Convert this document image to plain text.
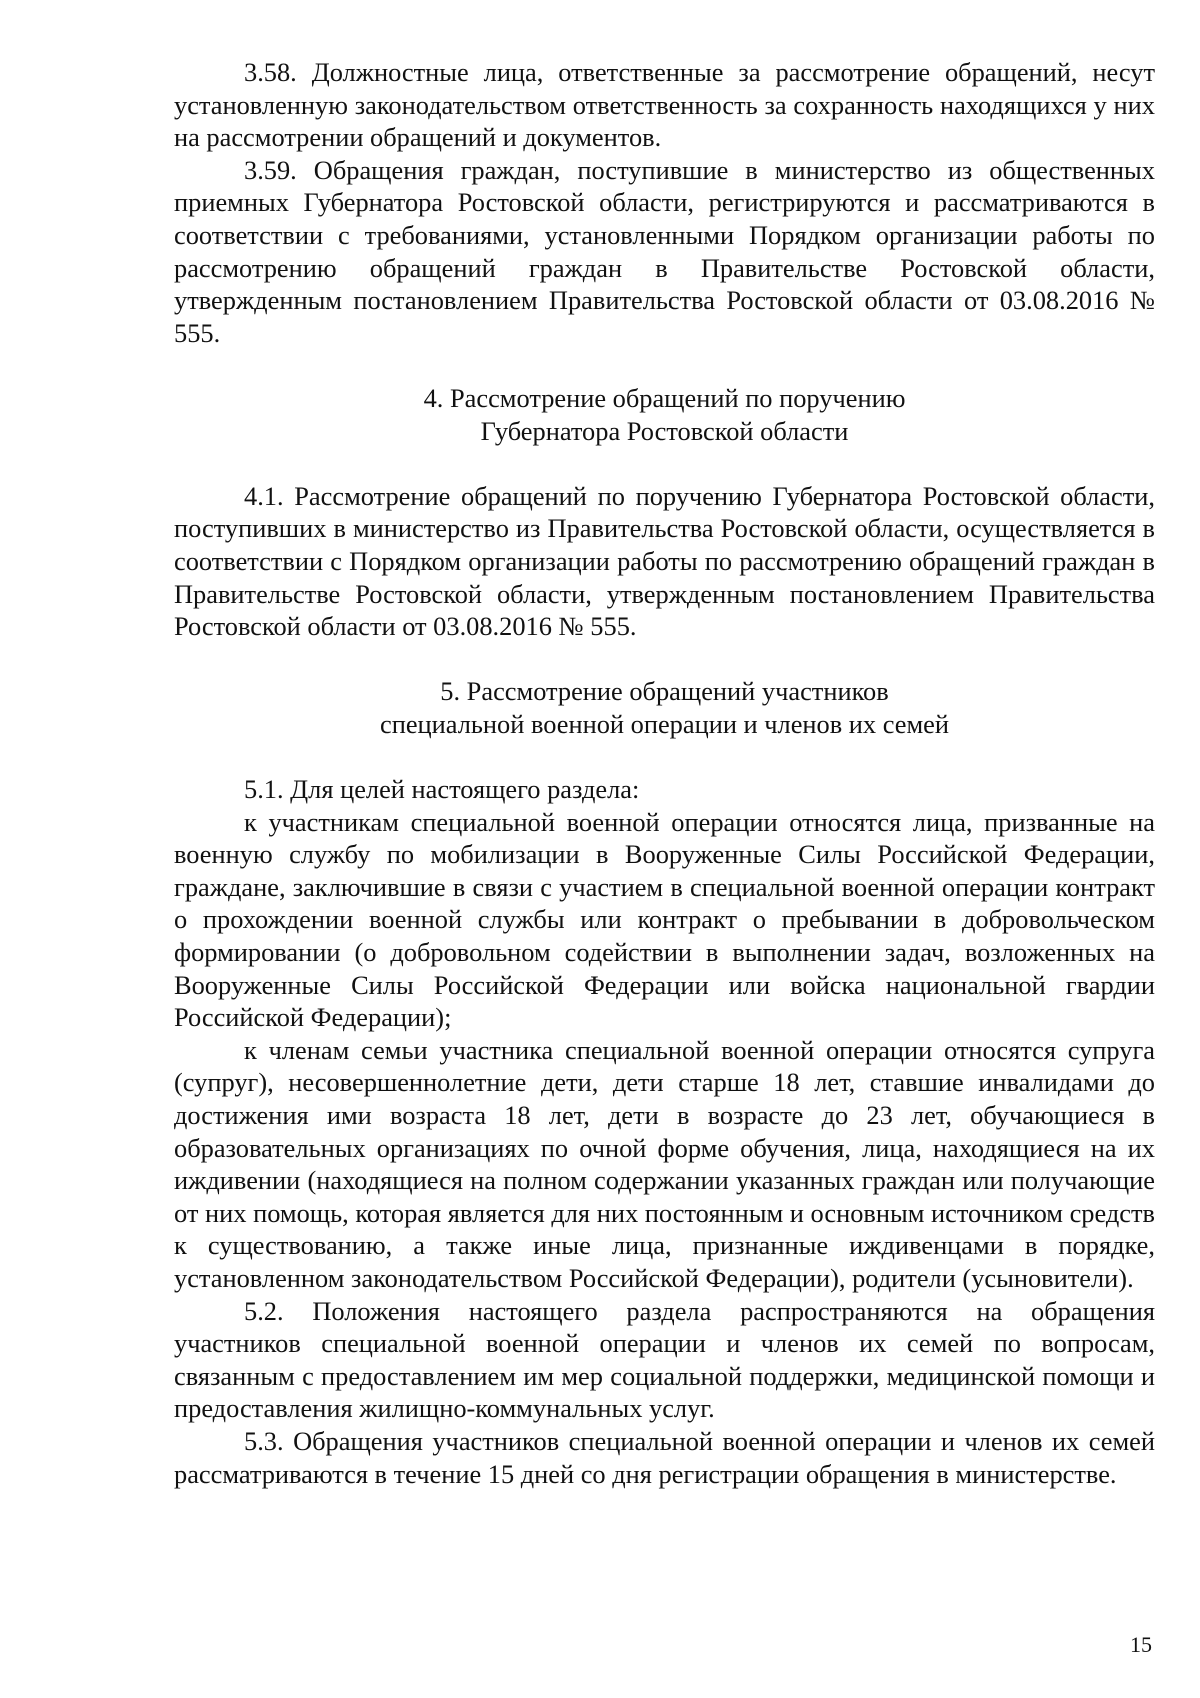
3.58. Должностные лица, ответственные за рассмотрение обращений, несут установленную законодательством ответственность за сохранность находящихся у них на рассмотрении обращений и документов.

3.59. Обращения граждан, поступившие в министерство из общественных приемных Губернатора Ростовской области, регистрируются и рассматриваются в соответствии с требованиями, установленными Порядком организации работы по рассмотрению обращений граждан в Правительстве Ростовской области, утвержденным постановлением Правительства Ростовской области от 03.08.2016 № 555.

4. Рассмотрение обращений по поручению
Губернатора Ростовской области

4.1. Рассмотрение обращений по поручению Губернатора Ростовской области, поступивших в министерство из Правительства Ростовской области, осуществляется в соответствии с Порядком организации работы по рассмотрению обращений граждан в Правительстве Ростовской области, утвержденным постановлением Правительства Ростовской области от 03.08.2016 № 555.

5. Рассмотрение обращений участников
специальной военной операции и членов их семей

5.1. Для целей настоящего раздела:

к участникам специальной военной операции относятся лица, призванные на военную службу по мобилизации в Вооруженные Силы Российской Федерации, граждане, заключившие в связи с участием в специальной военной операции контракт о прохождении военной службы или контракт о пребывании в добровольческом формировании (о добровольном содействии в выполнении задач, возложенных на Вооруженные Силы Российской Федерации или войска национальной гвардии Российской Федерации);

к членам семьи участника специальной военной операции относятся супруга (супруг), несовершеннолетние дети, дети старше 18 лет, ставшие инвалидами до достижения ими возраста 18 лет, дети в возрасте до 23 лет, обучающиеся в образовательных организациях по очной форме обучения, лица, находящиеся на их иждивении (находящиеся на полном содержании указанных граждан или получающие от них помощь, которая является для них постоянным и основным источником средств к существованию, а также иные лица, признанные иждивенцами в порядке, установленном законодательством Российской Федерации), родители (усыновители).

5.2. Положения настоящего раздела распространяются на обращения участников специальной военной операции и членов их семей по вопросам, связанным с предоставлением им мер социальной поддержки, медицинской помощи и предоставления жилищно-коммунальных услуг.

5.3. Обращения участников специальной военной операции и членов их семей рассматриваются в течение 15 дней со дня регистрации обращения в министерстве.

15
